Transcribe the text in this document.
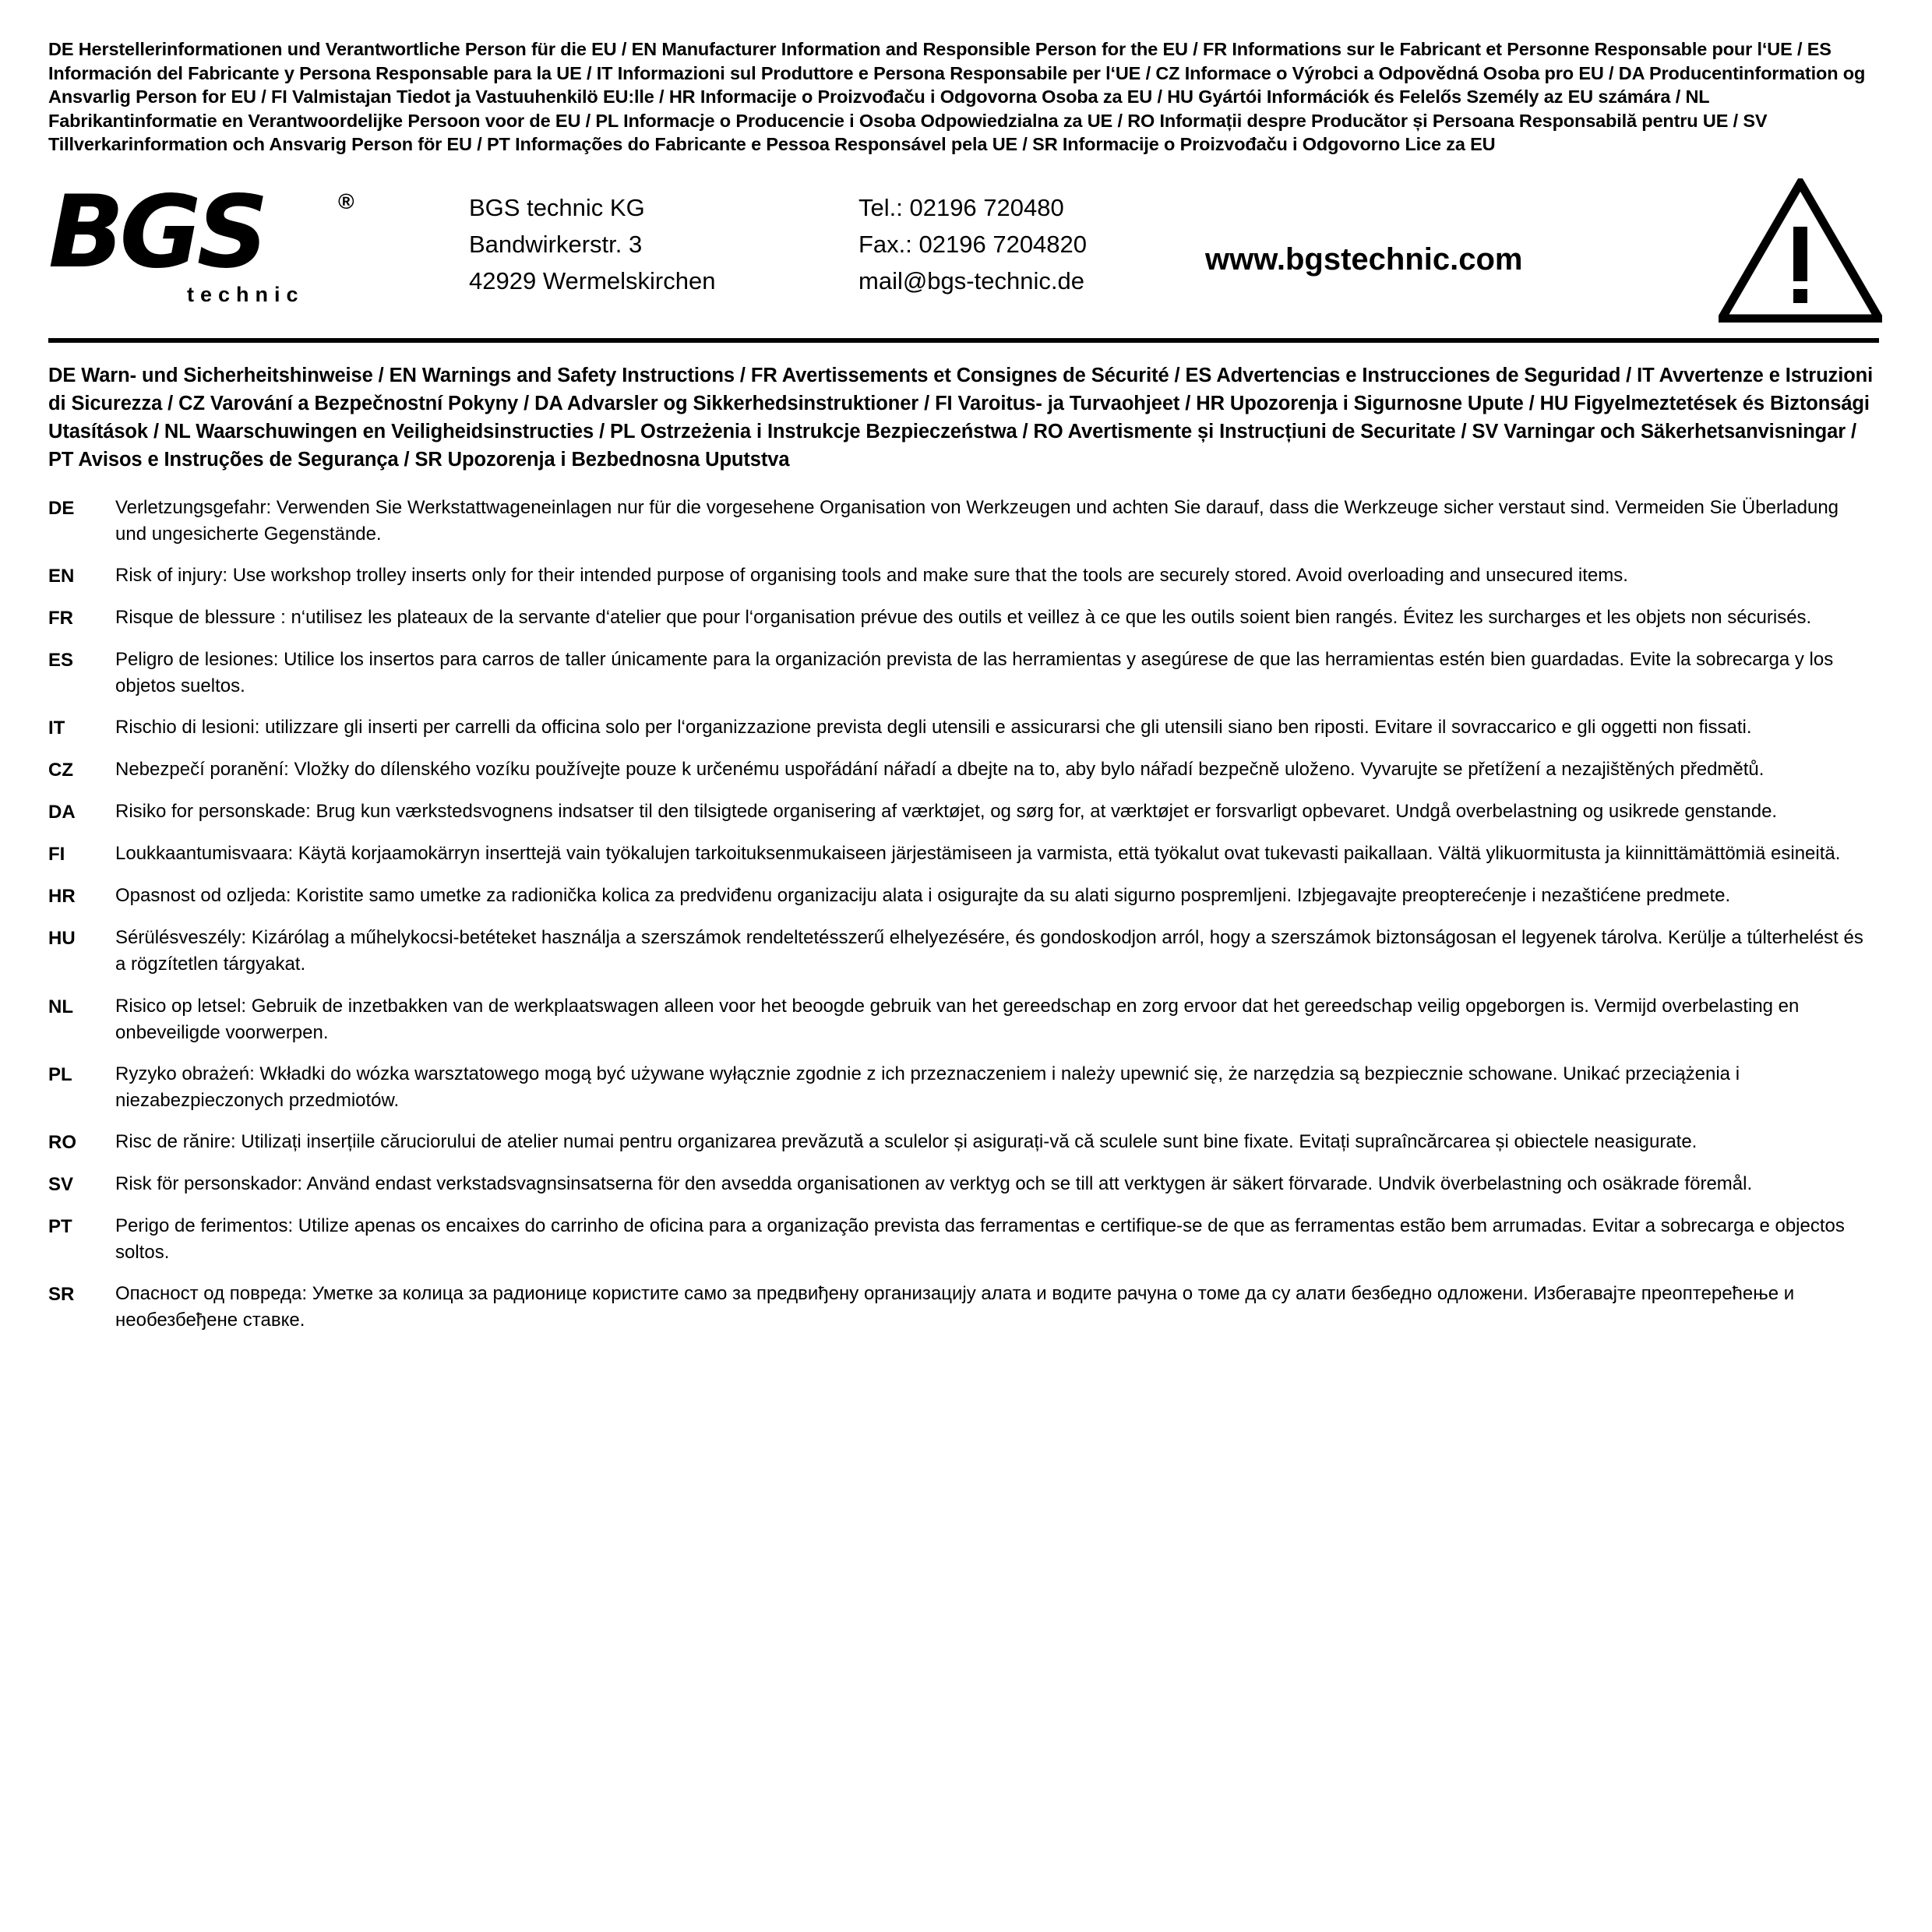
DE Herstellerinformationen und Verantwortliche Person für die EU / EN Manufacturer Information and Responsible Person for the EU / FR Informations sur le Fabricant et Personne Responsable pour l‘UE / ES Información del Fabricante y Persona Responsable para la UE / IT Informazioni sul Produttore e Persona Responsabile per l‘UE / CZ Informace o Výrobci a Odpovědná Osoba pro EU / DA Producentinformation og Ansvarlig Person for EU / FI Valmistajan Tiedot ja Vastuuhenkilö EU:lle / HR Informacije o Proizvođaču i Odgovorna Osoba za EU / HU Gyártói Információk és Felelős Személy az EU számára / NL Fabrikantinformatie en Verantwoordelijke Persoon voor de EU / PL Informacje o Producencie i Osoba Odpowiedzialna za UE / RO Informații despre Producător și Persoana Responsabilă pentru UE / SV Tillverkarinformation och Ansvarig Person för EU / PT Informações do Fabricante e Pessoa Responsável pela UE / SR Informacije o Proizvođaču i Odgovorno Lice za EU
BGS	®
technic
BGS technic KG
Bandwirkerstr. 3
42929 Wermelskirchen
Tel.: 02196 720480
Fax.: 02196 7204820
mail@bgs-technic.de
www.bgstechnic.com
DE Warn- und Sicherheitshinweise / EN Warnings and Safety Instructions / FR Avertissements et Consignes de Sécurité / ES Advertencias e Instrucciones de Seguridad / IT Avvertenze e Istruzioni di Sicurezza / CZ Varování a Bezpečnostní Pokyny / DA Advarsler og Sikkerhedsinstruktioner / FI Varoitus- ja Turvaohjeet / HR Upozorenja i Sigurnosne Upute / HU Figyelmeztetések és Biztonsági Utasítások / NL Waarschuwingen en Veiligheidsinstructies / PL Ostrzeżenia i Instrukcje Bezpieczeństwa / RO Avertismente și Instrucțiuni de Securitate / SV Varningar och Säkerhetsanvisningar / PT Avisos e Instruções de Segurança / SR Upozorenja i Bezbednosna Uputstva
DE	Verletzungsgefahr: Verwenden Sie Werkstattwageneinlagen nur für die vorgesehene Organisation von Werkzeugen und achten Sie darauf, dass die Werkzeuge sicher verstaut sind. Vermeiden Sie Überladung und ungesicherte Gegenstände.
EN	Risk of injury: Use workshop trolley inserts only for their intended purpose of organising tools and make sure that the tools are securely stored. Avoid overloading and unsecured items.
FR	Risque de blessure : n‘utilisez les plateaux de la servante d‘atelier que pour l‘organisation prévue des outils et veillez à ce que les outils soient bien rangés. Évitez les surcharges et les objets non sécurisés.
ES	Peligro de lesiones: Utilice los insertos para carros de taller únicamente para la organización prevista de las herramientas y asegúrese de que las herramientas estén bien guardadas. Evite la sobrecarga y los objetos sueltos.
IT	Rischio di lesioni: utilizzare gli inserti per carrelli da officina solo per l‘organizzazione prevista degli utensili e assicurarsi che gli utensili siano ben riposti. Evitare il sovraccarico e gli oggetti non fissati.
CZ	Nebezpečí poranění: Vložky do dílenského vozíku používejte pouze k určenému uspořádání nářadí a dbejte na to, aby bylo nářadí bezpečně uloženo. Vyvarujte se přetížení a nezajištěných předmětů.
DA	Risiko for personskade: Brug kun værkstedsvognens indsatser til den tilsigtede organisering af værktøjet, og sørg for, at værktøjet er forsvarligt opbevaret. Undgå overbelastning og usikrede genstande.
FI	Loukkaantumisvaara: Käytä korjaamokärryn inserttejä vain työkalujen tarkoituksenmukaiseen järjestämiseen ja varmista, että työkalut ovat tukevasti paikallaan. Vältä ylikuormitusta ja kiinnittämättömiä esineitä.
HR	Opasnost od ozljeda: Koristite samo umetke za radionička kolica za predviđenu organizaciju alata i osigurajte da su alati sigurno pospremljeni. Izbjegavajte preopterećenje i nezaštićene predmete.
HU	Sérülésveszély: Kizárólag a műhelykocsi-betéteket használja a szerszámok rendeltetésszerű elhelyezésére, és gondoskodjon arról, hogy a szerszámok biztonságosan el legyenek tárolva. Kerülje a túlterhelést és a rögzítetlen tárgyakat.
NL	Risico op letsel: Gebruik de inzetbakken van de werkplaatswagen alleen voor het beoogde gebruik van het gereedschap en zorg ervoor dat het gereedschap veilig opgeborgen is. Vermijd overbelasting en onbeveiligde voorwerpen.
PL	Ryzyko obrażeń: Wkładki do wózka warsztatowego mogą być używane wyłącznie zgodnie z ich przeznaczeniem i należy upewnić się, że narzędzia są bezpiecznie schowane. Unikać przeciążenia i niezabezpieczonych przedmiotów.
RO	Risc de rănire: Utilizați inserțiile căruciorului de atelier numai pentru organizarea prevăzută a sculelor și asigurați-vă că sculele sunt bine fixate. Evitați supraîncărcarea și obiectele neasigurate.
SV	Risk för personskador: Använd endast verkstadsvagnsinsatserna för den avsedda organisationen av verktyg och se till att verktygen är säkert förvarade. Undvik överbelastning och osäkrade föremål.
PT	Perigo de ferimentos: Utilize apenas os encaixes do carrinho de oficina para a organização prevista das ferramentas e certifique-se de que as ferramentas estão bem arrumadas. Evitar a sobrecarga e objectos soltos.
SR	Опасност од повреда: Уметке за колица за радионице користите само за предвиђену организацију алата и водите рачуна о томе да су алати безбедно одложени. Избегавајте преоптерећење и необезбеђене ставке.
